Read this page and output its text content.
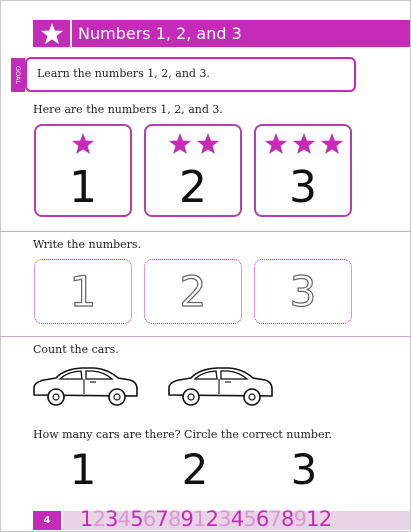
Numbers 1, 2, and 3
GOAL Learn the numbers 1, 2, and 3.
Here are the numbers 1, 2, and 3.
1	2	3
Write the numbers.
1	2	3
Count the cars.
How many cars are there? Circle the correct number.
1	2	3
4	12345678912345678912
